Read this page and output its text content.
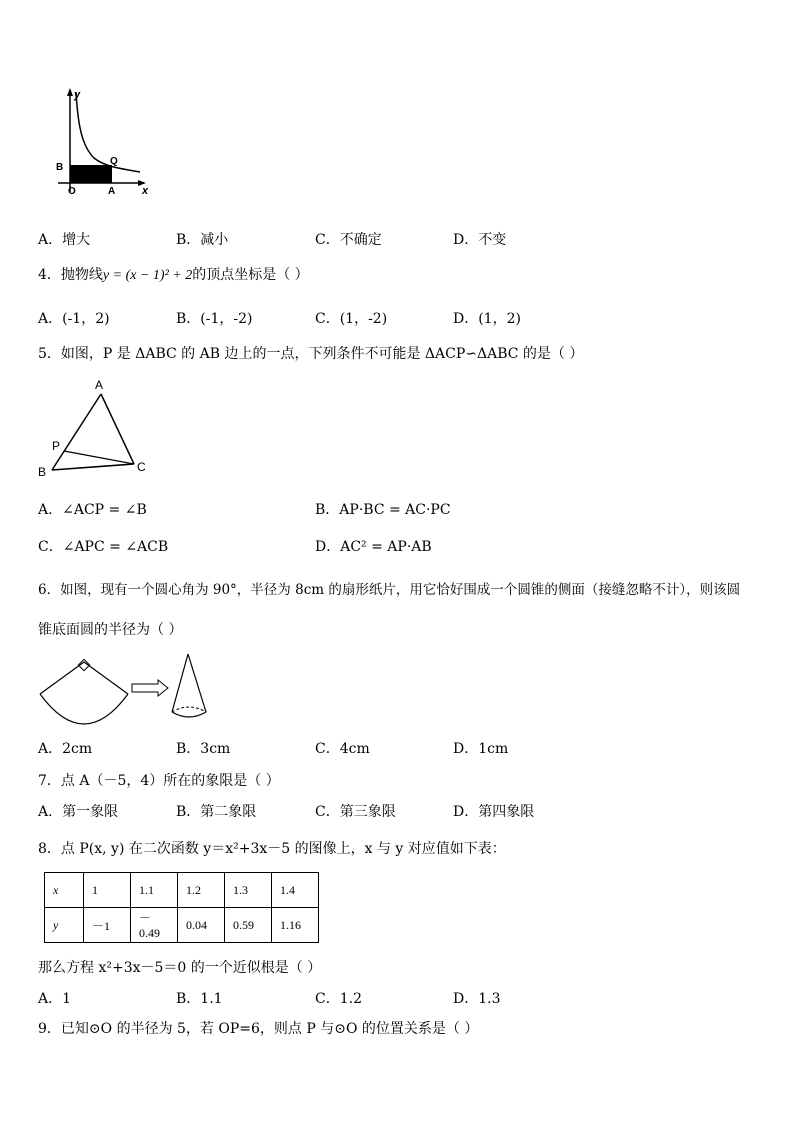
y
x
B
Q
O	A
A．增大	B．减小	C．不确定	D．不变
4．抛物线y = (x − 1)² + 2的顶点坐标是（ ）
A．(-1，2)	B．(-1，-2)	C．(1，-2)	D．(1，2)
5．如图，P 是 ΔABC 的 AB 边上的一点，下列条件不可能是 ΔACP∽ΔABC 的是（ ）
A
P
B	C
A．∠ACP = ∠B	B．AP·BC = AC·PC
C．∠APC = ∠ACB	D．AC² = AP·AB
6．如图，现有一个圆心角为 90°，半径为 8cm 的扇形纸片，用它恰好围成一个圆锥的侧面（接缝忽略不计），则该圆
锥底面圆的半径为（ ）
A．2cm	B．3cm	C．4cm	D．1cm
7．点 A（－5，4）所在的象限是（ ）
A．第一象限	B．第二象限	C．第三象限	D．第四象限
8．点 P(x, y) 在二次函数 y＝x²+3x－5 的图像上，x 与 y 对应值如下表：
x	1	1.1	1.2	1.3	1.4
y	－1	－0.49	0.04	0.59	1.16
那么方程 x²+3x－5＝0 的一个近似根是（ ）
A．1	B．1.1	C．1.2	D．1.3
9．已知⊙O 的半径为 5，若 OP=6，则点 P 与⊙O 的位置关系是（ ）
